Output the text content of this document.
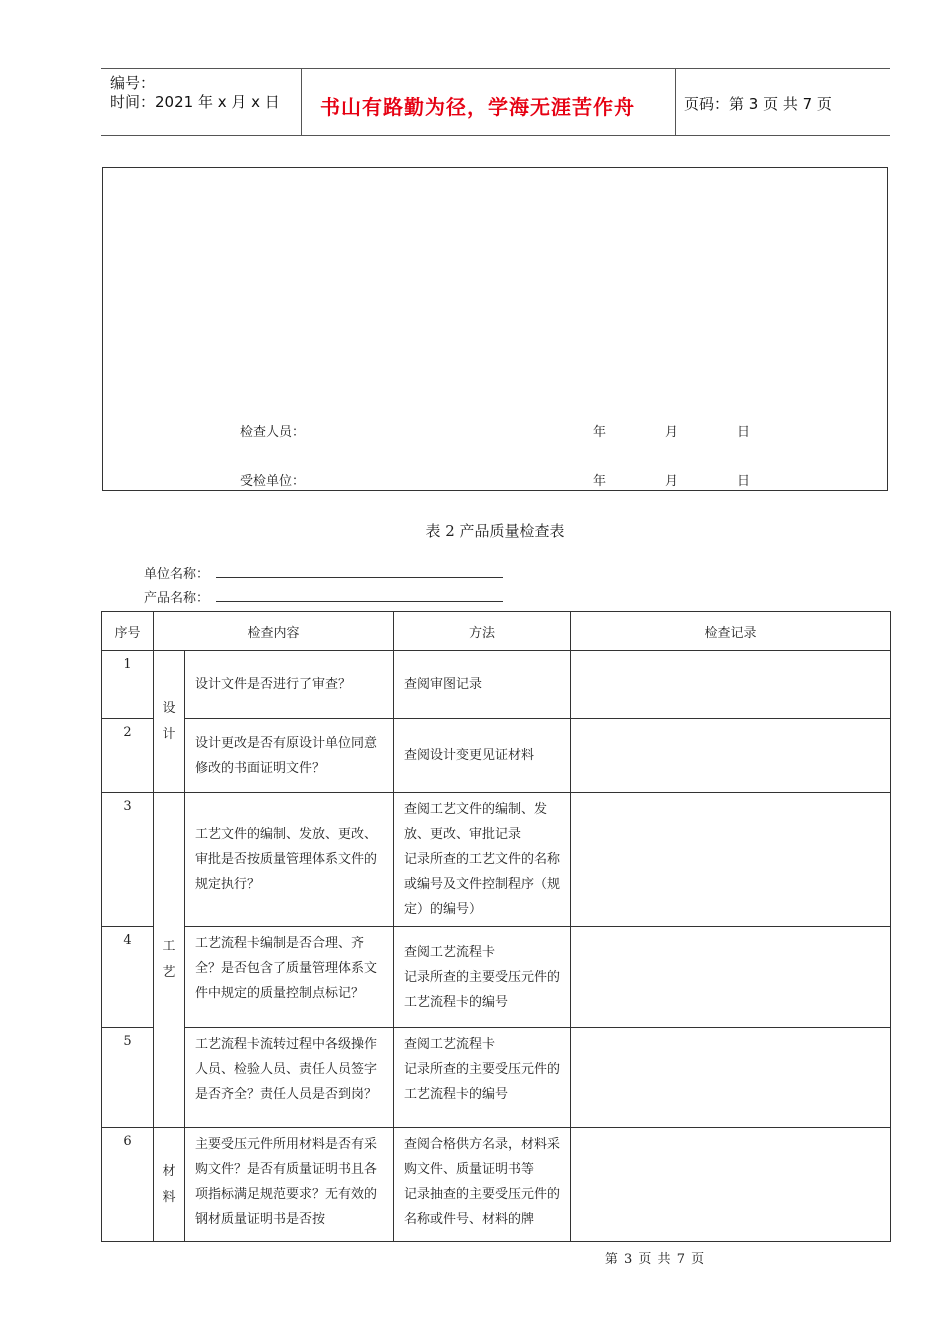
编号：
时间：2021 年 x 月 x 日 书山有路勤为径，学海无涯苦作舟	页码：第 3 页 共 7 页
检查人员：	年	月	日
受检单位：	年	月	日
表 2 产品质量检查表
单位名称：
产品名称：
序号	检查内容		方法	检查记录
1	设计	设计文件是否进行了审查？	查阅审图记录	
2		设计更改是否有原设计单位同意修改的书面证明文件？	查阅设计变更见证材料	
3	工艺	工艺文件的编制、发放、更改、审批是否按质量管理体系文件的规定执行？	查阅工艺文件的编制、发放、更改、审批记录
记录所查的工艺文件的名称或编号及文件控制程序（规定）的编号）	
4		工艺流程卡编制是否合理、齐全？是否包含了质量管理体系文件中规定的质量控制点标记？	查阅工艺流程卡
记录所查的主要受压元件的工艺流程卡的编号	
5		工艺流程卡流转过程中各级操作人员、检验人员、责任人员签字是否齐全？责任人员是否到岗？	查阅工艺流程卡
记录所查的主要受压元件的工艺流程卡的编号	
6	材料	主要受压元件所用材料是否有采购文件？是否有质量证明书且各项指标满足规范要求？无有效的钢材质量证明书是否按	查阅合格供方名录，材料采购文件、质量证明书等
记录抽查的主要受压元件的名称或件号、材料的牌	
第 3 页 共 7 页
